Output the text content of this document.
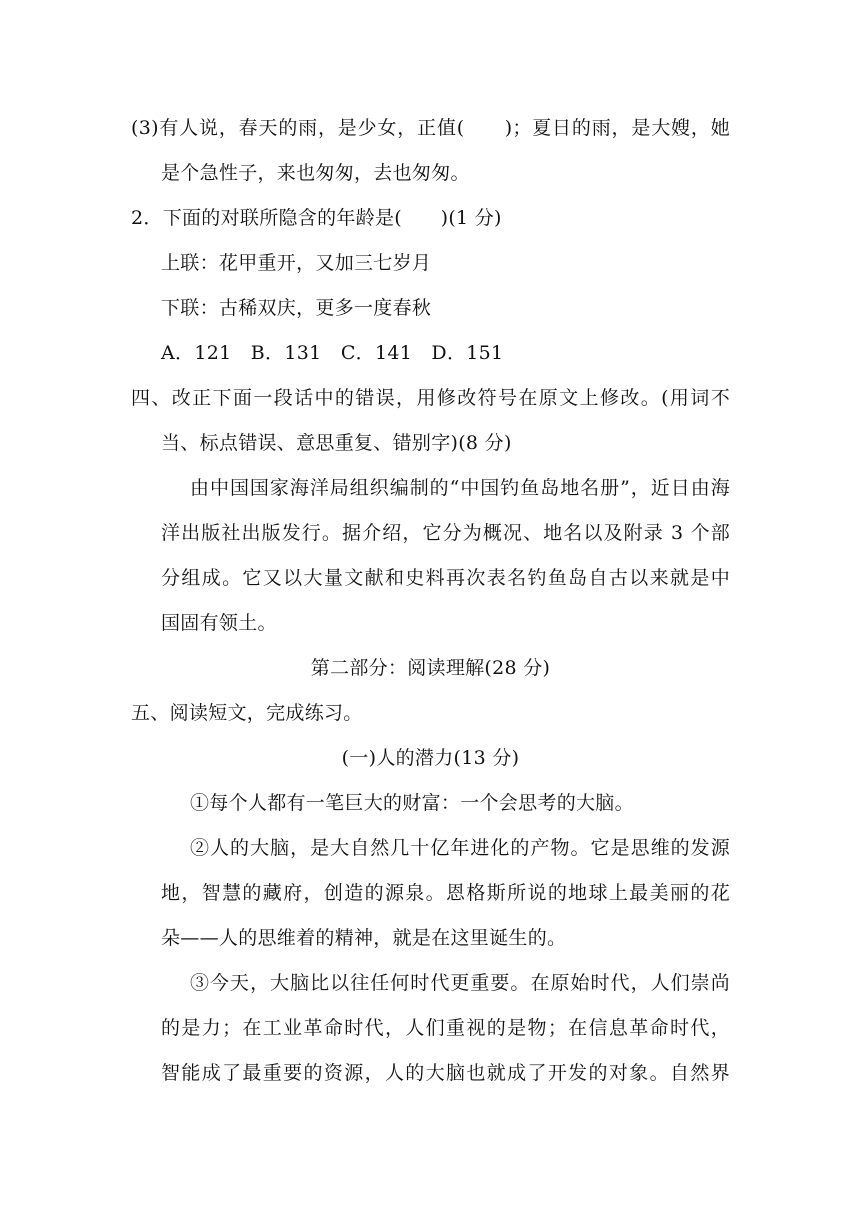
(3)有人说，春天的雨，是少女，正值(　　)；夏日的雨，是大嫂，她
是个急性子，来也匆匆，去也匆匆。
2．下面的对联所隐含的年龄是(　　)(1 分)
上联：花甲重开，又加三七岁月
下联：古稀双庆，更多一度春秋
A．121　B．131　C．141　D．151
四、改正下面一段话中的错误，用修改符号在原文上修改。(用词不
当、标点错误、意思重复、错别字)(8 分)
由中国国家海洋局组织编制的“中国钓鱼岛地名册”，近日由海
洋出版社出版发行。据介绍，它分为概况、地名以及附录 3 个部
分组成。它又以大量文献和史料再次表名钓鱼岛自古以来就是中
国固有领土。
第二部分：阅读理解(28 分)
五、阅读短文，完成练习。
(一)人的潜力(13 分)
①每个人都有一笔巨大的财富：一个会思考的大脑。
②人的大脑，是大自然几十亿年进化的产物。它是思维的发源
地，智慧的藏府，创造的源泉。恩格斯所说的地球上最美丽的花
朵——人的思维着的精神，就是在这里诞生的。
③今天，大脑比以往任何时代更重要。在原始时代，人们崇尚
的是力；在工业革命时代，人们重视的是物；在信息革命时代，
智能成了最重要的资源，人的大脑也就成了开发的对象。自然界
